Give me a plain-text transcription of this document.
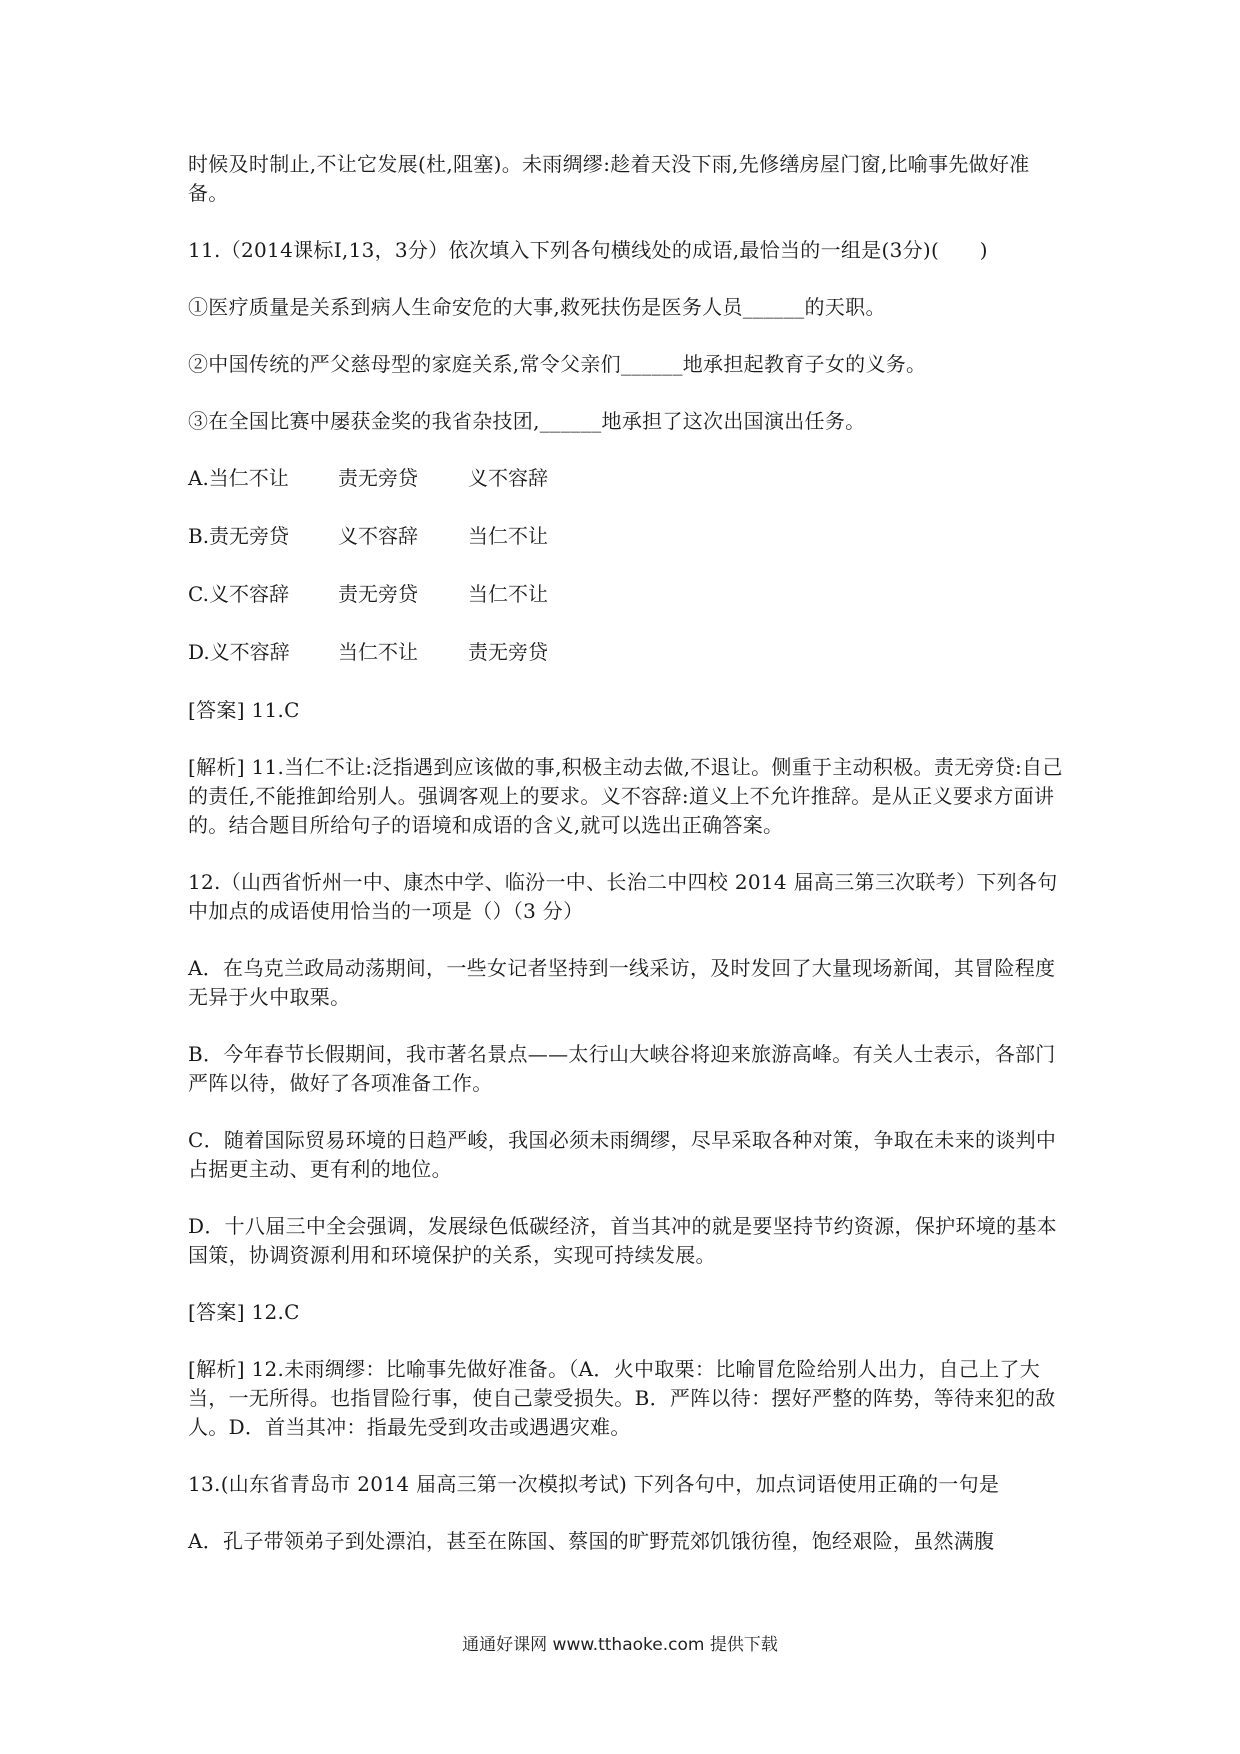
时候及时制止,不让它发展(杜,阻塞)。未雨绸缪:趁着天没下雨,先修缮房屋门窗,比喻事先做好准备。

11.（2014课标Ⅰ,13，3分）依次填入下列各句横线处的成语,最恰当的一组是(3分)(　　)

①医疗质量是关系到病人生命安危的大事,救死扶伤是医务人员______的天职。

②中国传统的严父慈母型的家庭关系,常令父亲们______地承担起教育子女的义务。

③在全国比赛中屡获金奖的我省杂技团,______地承担了这次出国演出任务。

A.当仁不让	责无旁贷	义不容辞
B.责无旁贷	义不容辞	当仁不让
C.义不容辞	责无旁贷	当仁不让
D.义不容辞	当仁不让	责无旁贷

[答案] 11.C

[解析] 11.当仁不让:泛指遇到应该做的事,积极主动去做,不退让。侧重于主动积极。责无旁贷:自己的责任,不能推卸给别人。强调客观上的要求。义不容辞:道义上不允许推辞。是从正义要求方面讲的。结合题目所给句子的语境和成语的含义,就可以选出正确答案。

12.（山西省忻州一中、康杰中学、临汾一中、长治二中四校 2014 届高三第三次联考）下列各句中加点的成语使用恰当的一项是（）（3 分）

A．在乌克兰政局动荡期间，一些女记者坚持到一线采访，及时发回了大量现场新闻，其冒险程度无异于火中取栗。

B．今年春节长假期间，我市著名景点——太行山大峡谷将迎来旅游高峰。有关人士表示，各部门严阵以待，做好了各项准备工作。

C．随着国际贸易环境的日趋严峻，我国必须未雨绸缪，尽早采取各种对策，争取在未来的谈判中占据更主动、更有利的地位。

D．十八届三中全会强调，发展绿色低碳经济，首当其冲的就是要坚持节约资源，保护环境的基本国策，协调资源利用和环境保护的关系，实现可持续发展。

[答案] 12.C

[解析] 12.未雨绸缪：比喻事先做好准备。（A．火中取栗：比喻冒危险给别人出力，自己上了大当，一无所得。也指冒险行事，使自己蒙受损失。B．严阵以待：摆好严整的阵势，等待来犯的敌人。D．首当其冲：指最先受到攻击或遇遇灾难。

13.(山东省青岛市 2014 届高三第一次模拟考试) 下列各句中，加点词语使用正确的一句是

A．孔子带领弟子到处漂泊，甚至在陈国、蔡国的旷野荒郊饥饿彷徨，饱经艰险，虽然满腹

通通好课网 www.tthaoke.com 提供下载
